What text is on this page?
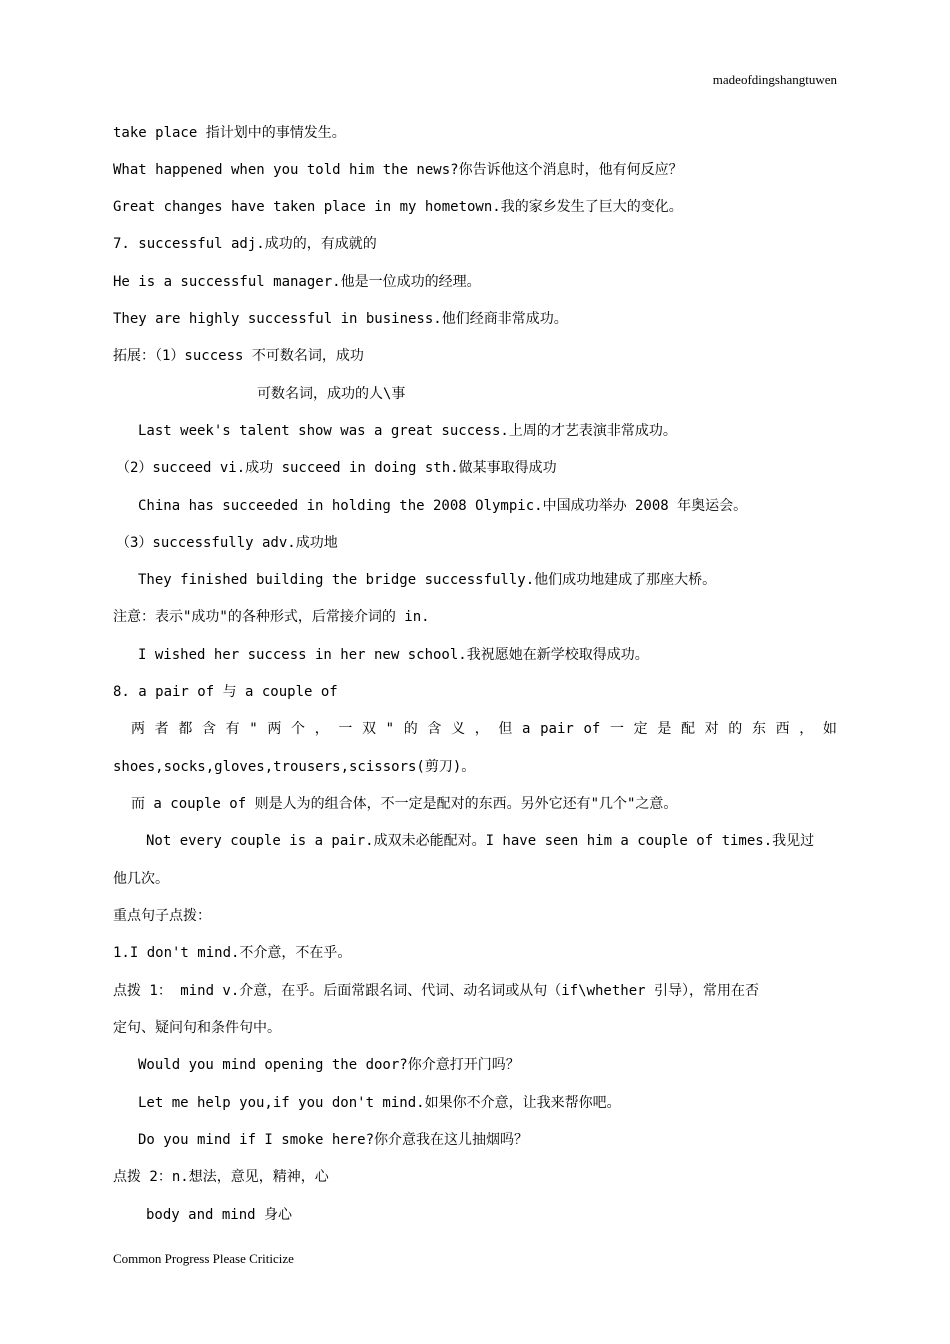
madeofdingshangtuwen
take place 指计划中的事情发生。
What happened when you told him the news?你告诉他这个消息时，他有何反应？
Great changes have taken place in my hometown.我的家乡发生了巨大的变化。
7. successful adj.成功的，有成就的
He is a successful manager.他是一位成功的经理。
They are highly successful in business.他们经商非常成功。
拓展：（1）success 不可数名词，成功
可数名词，成功的人\事
Last week's talent show was a great success.上周的才艺表演非常成功。
（2）succeed vi.成功 succeed in doing sth.做某事取得成功
China has succeeded in holding the 2008 Olympic.中国成功举办 2008 年奥运会。
（3）successfully adv.成功地
They finished building the bridge successfully.他们成功地建成了那座大桥。
注意：表示"成功"的各种形式，后常接介词的 in.
I wished her success in her new school.我祝愿她在新学校取得成功。
8. a pair of 与 a couple of
两 者 都 含 有 " 两 个 ， 一 双 " 的 含 义 ， 但 a pair of 一 定 是 配 对 的 东 西 ， 如
shoes,socks,gloves,trousers,scissors(剪刀)。
而 a couple of 则是人为的组合体，不一定是配对的东西。另外它还有"几个"之意。
Not every couple is a pair.成双未必能配对。I have seen him a couple of times.我见过
他几次。
重点句子点拨：
1.I don't mind.不介意，不在乎。
点拨 1： mind v.介意，在乎。后面常跟名词、代词、动名词或从句（if\whether 引导），常用在否
定句、疑问句和条件句中。
Would you mind opening the door?你介意打开门吗？
Let me help you,if you don't mind.如果你不介意，让我来帮你吧。
Do you mind if I smoke here?你介意我在这儿抽烟吗？
点拨 2：n.想法，意见，精神，心
body and mind 身心
Common Progress Please Criticize
